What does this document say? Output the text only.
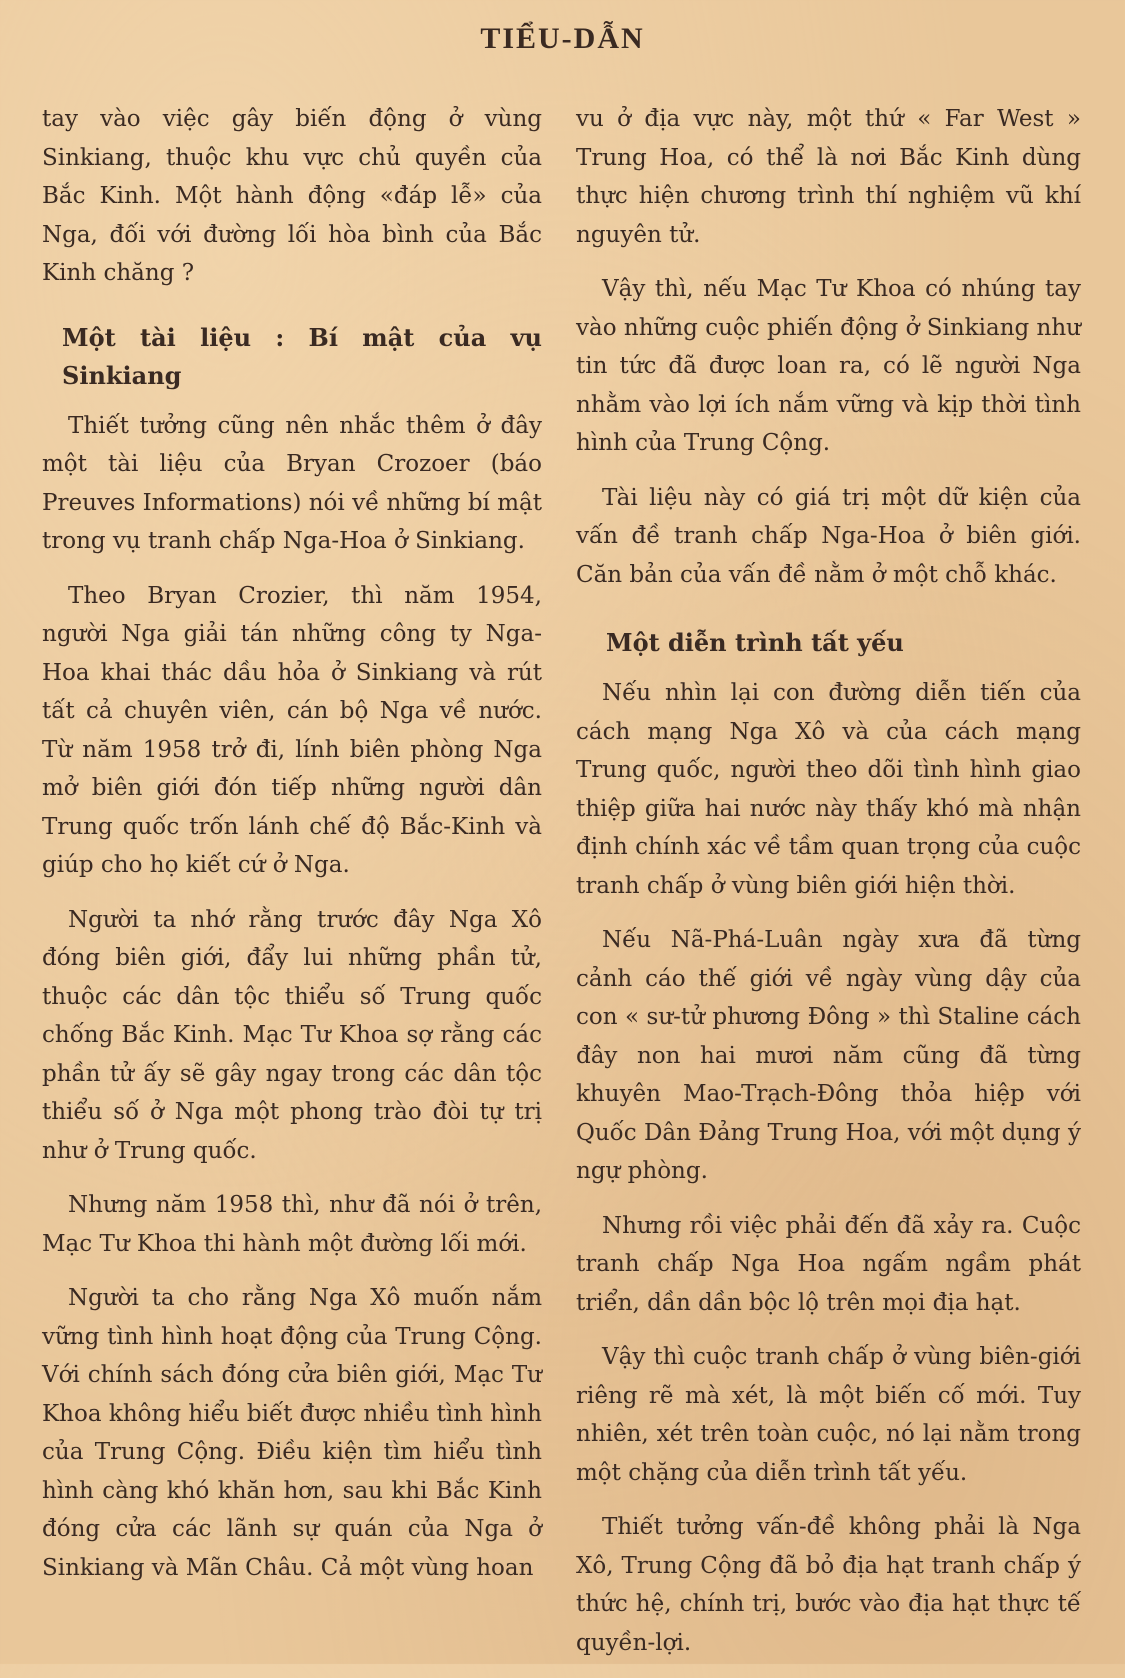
TIỂU-DẪN

tay vào việc gây biến động ở vùng Sinkiang, thuộc khu vực chủ quyền của Bắc Kinh. Một hành động «đáp lễ» của Nga, đối với đường lối hòa bình của Bắc Kinh chăng ?

Một tài liệu : Bí mật của vụ Sinkiang

Thiết tưởng cũng nên nhắc thêm ở đây một tài liệu của Bryan Crozoer (báo Preuves Informations) nói về những bí mật trong vụ tranh chấp Nga-Hoa ở Sinkiang.

Theo Bryan Crozier, thì năm 1954, người Nga giải tán những công ty Nga-Hoa khai thác dầu hỏa ở Sinkiang và rút tất cả chuyên viên, cán bộ Nga về nước. Từ năm 1958 trở đi, lính biên phòng Nga mở biên giới đón tiếp những người dân Trung quốc trốn lánh chế độ Bắc-Kinh và giúp cho họ kiết cứ ở Nga.

Người ta nhớ rằng trước đây Nga Xô đóng biên giới, đẩy lui những phần tử, thuộc các dân tộc thiểu số Trung quốc chống Bắc Kinh. Mạc Tư Khoa sợ rằng các phần tử ấy sẽ gây ngay trong các dân tộc thiểu số ở Nga một phong trào đòi tự trị như ở Trung quốc.

Nhưng năm 1958 thì, như đã nói ở trên, Mạc Tư Khoa thi hành một đường lối mới.

Người ta cho rằng Nga Xô muốn nắm vững tình hình hoạt động của Trung Cộng. Với chính sách đóng cửa biên giới, Mạc Tư Khoa không hiểu biết được nhiều tình hình của Trung Cộng. Điều kiện tìm hiểu tình hình càng khó khăn hơn, sau khi Bắc Kinh đóng cửa các lãnh sự quán của Nga ở Sinkiang và Mãn Châu. Cả một vùng hoan

vu ở địa vực này, một thứ « Far West » Trung Hoa, có thể là nơi Bắc Kinh dùng thực hiện chương trình thí nghiệm vũ khí nguyên tử.

Vậy thì, nếu Mạc Tư Khoa có nhúng tay vào những cuộc phiến động ở Sinkiang như tin tức đã được loan ra, có lẽ người Nga nhằm vào lợi ích nắm vững và kịp thời tình hình của Trung Cộng.

Tài liệu này có giá trị một dữ kiện của vấn đề tranh chấp Nga-Hoa ở biên giới. Căn bản của vấn đề nằm ở một chỗ khác.

Một diễn trình tất yếu

Nếu nhìn lại con đường diễn tiến của cách mạng Nga Xô và của cách mạng Trung quốc, người theo dõi tình hình giao thiệp giữa hai nước này thấy khó mà nhận định chính xác về tầm quan trọng của cuộc tranh chấp ở vùng biên giới hiện thời.

Nếu Nã-Phá-Luân ngày xưa đã từng cảnh cáo thế giới về ngày vùng dậy của con « sư-tử phương Đông » thì Staline cách đây non hai mươi năm cũng đã từng khuyên Mao-Trạch-Đông thỏa hiệp với Quốc Dân Đảng Trung Hoa, với một dụng ý ngự phòng.

Nhưng rồi việc phải đến đã xảy ra. Cuộc tranh chấp Nga Hoa ngấm ngầm phát triển, dần dần bộc lộ trên mọi địa hạt.

Vậy thì cuộc tranh chấp ở vùng biên-giới riêng rẽ mà xét, là một biến cố mới. Tuy nhiên, xét trên toàn cuộc, nó lại nằm trong một chặng của diễn trình tất yếu.

Thiết tưởng vấn-đề không phải là Nga Xô, Trung Cộng đã bỏ địa hạt tranh chấp ý thức hệ, chính trị, bước vào địa hạt thực tế quyền-lợi.
